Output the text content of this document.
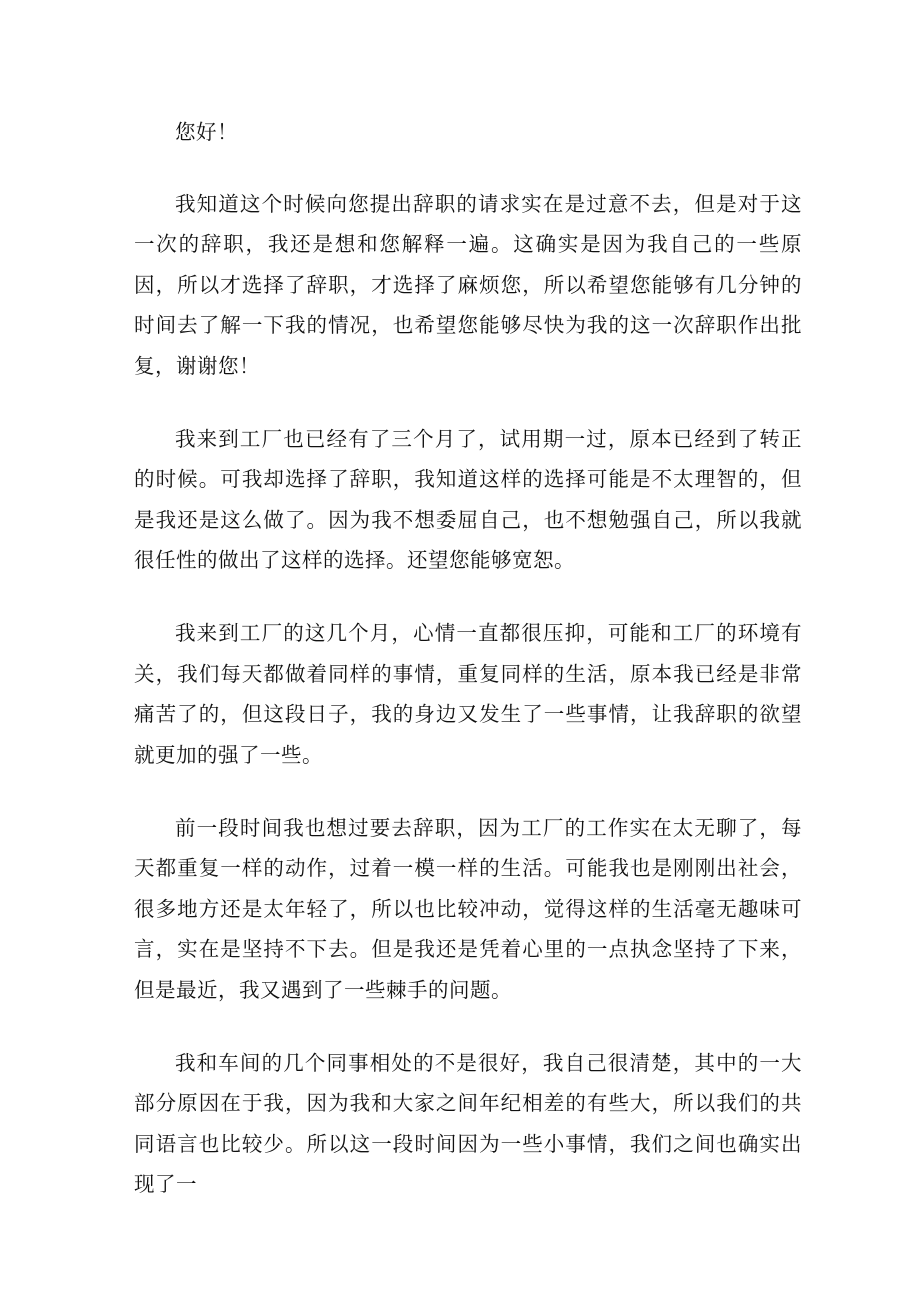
您好！

我知道这个时候向您提出辞职的请求实在是过意不去，但是对于这一次的辞职，我还是想和您解释一遍。这确实是因为我自己的一些原因，所以才选择了辞职，才选择了麻烦您，所以希望您能够有几分钟的时间去了解一下我的情况，也希望您能够尽快为我的这一次辞职作出批复，谢谢您！

我来到工厂也已经有了三个月了，试用期一过，原本已经到了转正的时候。可我却选择了辞职，我知道这样的选择可能是不太理智的，但是我还是这么做了。因为我不想委屈自己，也不想勉强自己，所以我就很任性的做出了这样的选择。还望您能够宽恕。

我来到工厂的这几个月，心情一直都很压抑，可能和工厂的环境有关，我们每天都做着同样的事情，重复同样的生活，原本我已经是非常痛苦了的，但这段日子，我的身边又发生了一些事情，让我辞职的欲望就更加的强了一些。

前一段时间我也想过要去辞职，因为工厂的工作实在太无聊了，每天都重复一样的动作，过着一模一样的生活。可能我也是刚刚出社会，很多地方还是太年轻了，所以也比较冲动，觉得这样的生活毫无趣味可言，实在是坚持不下去。但是我还是凭着心里的一点执念坚持了下来，但是最近，我又遇到了一些棘手的问题。

我和车间的几个同事相处的不是很好，我自己很清楚，其中的一大部分原因在于我，因为我和大家之间年纪相差的有些大，所以我们的共同语言也比较少。所以这一段时间因为一些小事情，我们之间也确实出现了一
